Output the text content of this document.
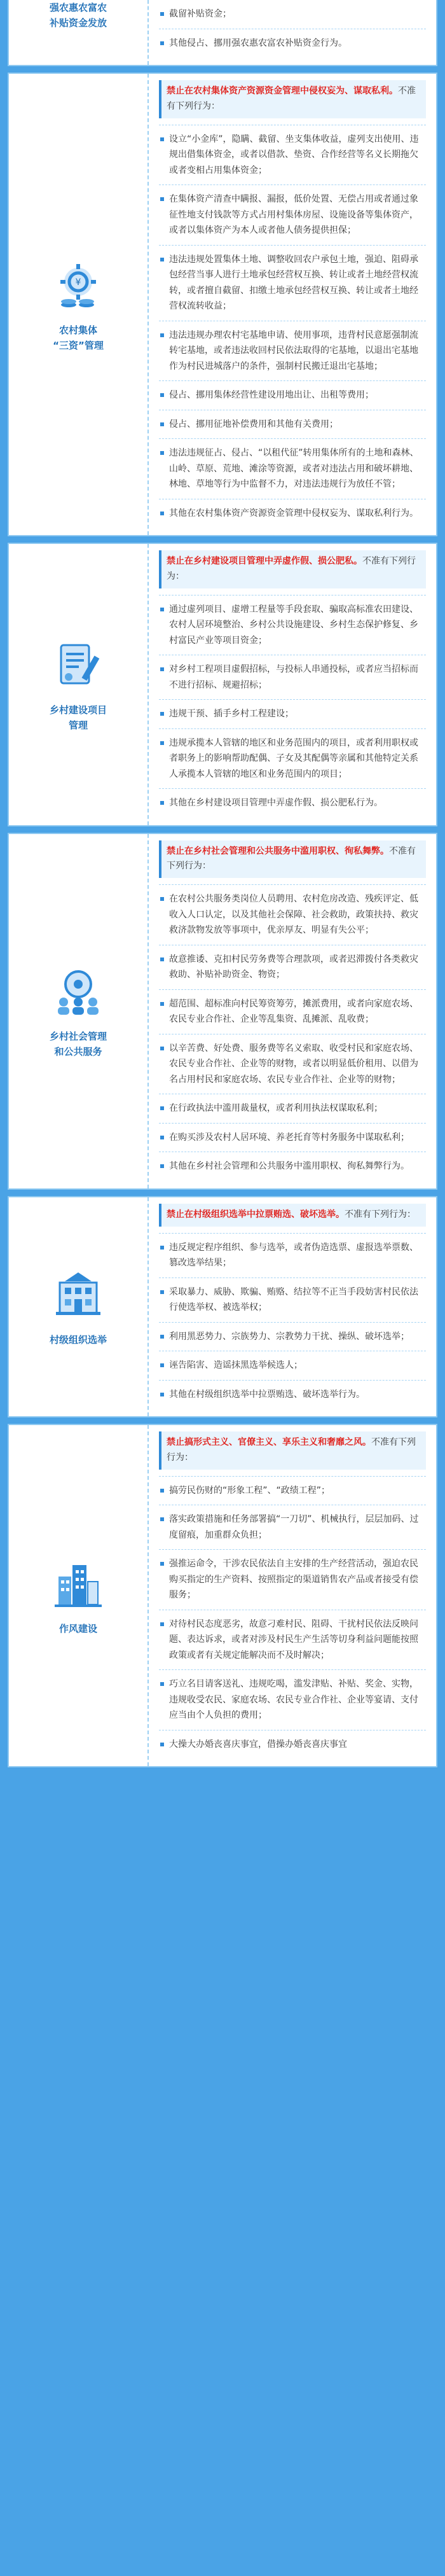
强农惠农富农
补贴资金发放
截留补贴资金；
其他侵占、挪用强农惠农富农补贴资金行为。
¥
农村集体
“三资”管理
禁止在农村集体资产资源资金管理中侵权妄为、谋取私利。不准有下列行为：
设立“小金库”，隐瞒、截留、坐支集体收益，虚列支出使用、违规出借集体资金，或者以借款、垫资、合作经营等名义长期拖欠或者变相占用集体资金；
在集体资产清查中瞒报、漏报，低价处置、无偿占用或者通过象征性地支付钱款等方式占用村集体房屋、设施设备等集体资产，或者以集体资产为本人或者他人债务提供担保；
违法违规处置集体土地、调整收回农户承包土地，强迫、阻碍承包经营当事人进行土地承包经营权互换、转让或者土地经营权流转，或者擅自截留、扣缴土地承包经营权互换、转让或者土地经营权流转收益；
违法违规办理农村宅基地申请、使用事项，违背村民意愿强制流转宅基地，或者违法收回村民依法取得的宅基地，以退出宅基地作为村民进城落户的条件，强制村民搬迁退出宅基地；
侵占、挪用集体经营性建设用地出让、出租等费用；
侵占、挪用征地补偿费用和其他有关费用；
违法违规征占、侵占、“以租代征”转用集体所有的土地和森林、山岭、草原、荒地、滩涂等资源，或者对违法占用和破坏耕地、林地、草地等行为中监督不力，对违法违规行为放任不管；
其他在农村集体资产资源资金管理中侵权妄为、谋取私利行为。
乡村建设项目
管理
禁止在乡村建设项目管理中弄虚作假、损公肥私。不准有下列行为：
通过虚列项目、虚增工程量等手段套取、骗取高标准农田建设、农村人居环境整治、乡村公共设施建设、乡村生态保护修复、乡村富民产业等项目资金；
对乡村工程项目虚假招标，与投标人串通投标，或者应当招标而不进行招标、规避招标；
违规干预、插手乡村工程建设；
违规承揽本人管辖的地区和业务范围内的项目，或者利用职权或者职务上的影响帮助配偶、子女及其配偶等亲属和其他特定关系人承揽本人管辖的地区和业务范围内的项目；
其他在乡村建设项目管理中弄虚作假、损公肥私行为。
乡村社会管理
和公共服务
禁止在乡村社会管理和公共服务中滥用职权、徇私舞弊。不准有下列行为：
在农村公共服务类岗位人员聘用、农村危房改造、残疾评定、低收入人口认定，以及其他社会保障、社会救助，政策扶持、救灾救济款物发放等事项中，优亲厚友、明显有失公平；
故意推诿、克扣村民劳务费等合理款项，或者迟滞拨付各类救灾救助、补贴补助资金、物资；
超范围、超标准向村民筹资筹劳，摊派费用，或者向家庭农场、农民专业合作社、企业等乱集资、乱摊派、乱收费；
以辛苦费、好处费、服务费等名义索取、收受村民和家庭农场、农民专业合作社、企业等的财物，或者以明显低价租用、以借为名占用村民和家庭农场、农民专业合作社、企业等的财物；
在行政执法中滥用裁量权，或者利用执法权谋取私利；
在购买涉及农村人居环境、养老托育等村务服务中谋取私利；
其他在乡村社会管理和公共服务中滥用职权、徇私舞弊行为。
村级组织选举
禁止在村级组织选举中拉票贿选、破坏选举。不准有下列行为：
违反规定程序组织、参与选举，或者伪造选票、虚报选举票数、篡改选举结果；
采取暴力、威胁、欺骗、贿赂、结拉等不正当手段妨害村民依法行使选举权、被选举权；
利用黑恶势力、宗族势力、宗教势力干扰、操纵、破坏选举；
诬告陷害、造谣抹黑选举候选人；
其他在村级组织选举中拉票贿选、破坏选举行为。
作风建设
禁止搞形式主义、官僚主义、享乐主义和奢靡之风。不准有下列行为：
搞劳民伤财的“形象工程”、“政绩工程”；
落实政策措施和任务部署搞“一刀切”、机械执行，层层加码、过度留痕，加重群众负担；
强推运命令，干涉农民依法自主安排的生产经营活动，强迫农民购买指定的生产资料、按照指定的渠道销售农产品或者接受有偿服务；
对待村民态度恶劣，故意刁难村民、阻碍、干扰村民依法反映问题、表达诉求，或者对涉及村民生产生活等切身利益问题能按照政策或者有关规定能解决而不及时解决；
巧立名目请客送礼、违规吃喝，滥发津贴、补贴、奖金、实物，违规收受农民、家庭农场、农民专业合作社、企业等宴请、支付应当由个人负担的费用；
大操大办婚丧喜庆事宜，借操办婚丧喜庆事宜
